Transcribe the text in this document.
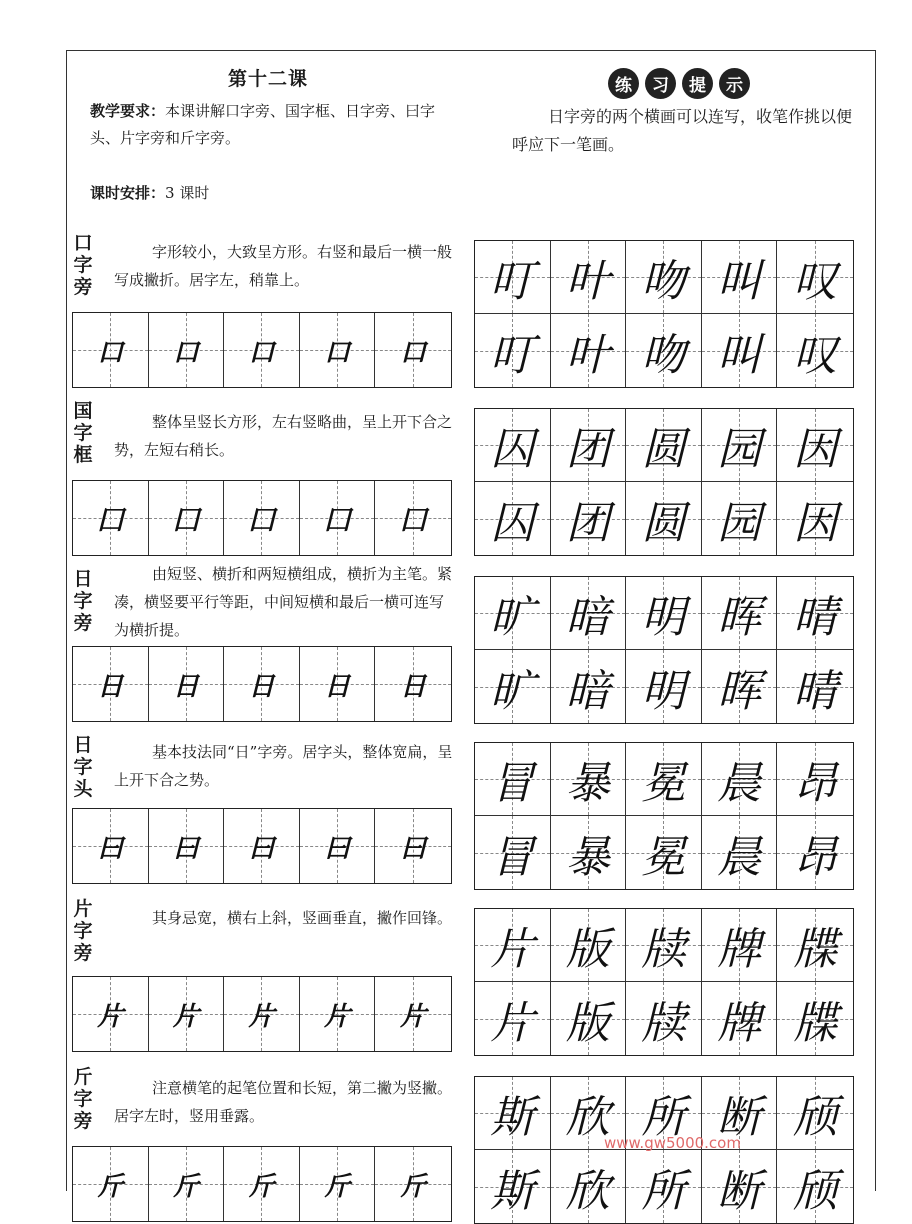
第十二课
教学要求：本课讲解口字旁、国字框、日字旁、曰字头、片字旁和斤字旁。
课时安排：3 课时
练	习	提	示
日字旁的两个横画可以连写，收笔作挑以便呼应下一笔画。
口
字
旁
字形较小，大致呈方形。右竖和最后一横一般写成撇折。居字左，稍靠上。
口 口 口 口 口
叮 叶 吻 叫 叹
叮 叶 吻 叫 叹
国
字
框
整体呈竖长方形，左右竖略曲，呈上开下合之势，左短右稍长。
囗 囗 囗 囗 囗
囚 团 圆 园 因
囚 团 圆 园 因
日
字
旁
由短竖、横折和两短横组成，横折为主笔。紧凑，横竖要平行等距，中间短横和最后一横可连写为横折提。
日 日 日 日 日
旷 暗 明 晖 晴
旷 暗 明 晖 晴
日
字
头
基本技法同“日”字旁。居字头，整体宽扁，呈上开下合之势。
曰 曰 曰 曰 曰
冒 暴 冕 晨 昂
冒 暴 冕 晨 昂
片
字
旁
其身忌宽，横右上斜，竖画垂直，撇作回锋。
片 片 片 片 片
片 版 牍 牌 牒
片 版 牍 牌 牒
斤
字
旁
注意横笔的起笔位置和长短，第二撇为竖撇。居字左时，竖用垂露。
斤 斤 斤 斤 斤
斯 欣 所 断 颀
斯 欣 所 断 颀
www.gw5000.com
